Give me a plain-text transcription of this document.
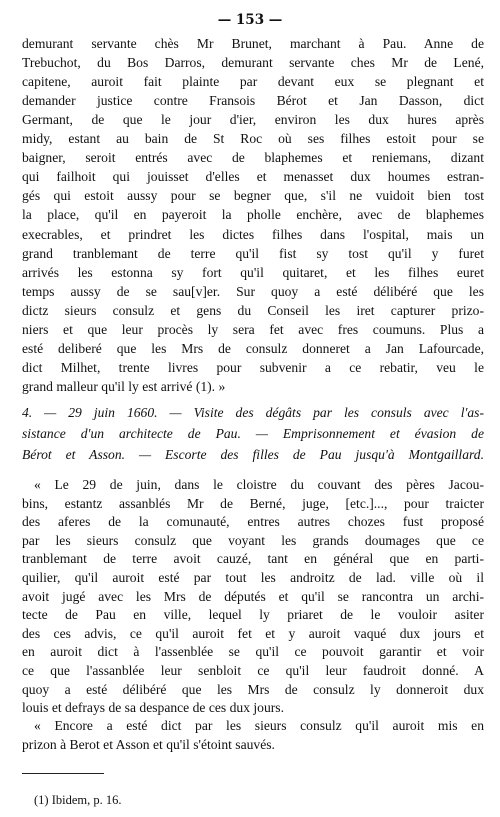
— 153 —
demurant servante chès Mr Brunet, marchant à Pau. Anne de
Trebuchot, du Bos Darros, demurant servante ches Mr de Lené,
capitene, auroit fait plainte par devant eux se plegnant et
demander justice contre Fransois Bérot et Jan Dasson, dict
Germant, de que le jour d'ier, environ les dux hures après
midy, estant au bain de St Roc où ses filhes estoit pour se
baigner, seroit entrés avec de blaphemes et reniemans, dizant
qui failhoit qui jouisset d'elles et menasset dux houmes estran-
gés qui estoit aussy pour se begner que, s'il ne vuidoit bien tost
la place, qu'il en payeroit la pholle enchère, avec de blaphemes
execrables, et prindret les dictes filhes dans l'ospital, mais un
grand tranblemant de terre qu'il fist sy tost qu'il y furet
arrivés les estonna sy fort qu'il quitaret, et les filhes euret
temps aussy de se sau[v]er. Sur quoy a esté délibéré que les
dictz sieurs consulz et gens du Conseil les iret capturer prizo-
niers et que leur procès ly sera fet avec fres coumuns. Plus a
esté deliberé que les Mrs de consulz donneret a Jan Lafourcade,
dict Milhet, trente livres pour subvenir a ce rebatir, veu le
grand malleur qu'il ly est arrivé (1). »
4. — 29 juin 1660. — Visite des dégâts par les consuls avec l'as-
sistance d'un architecte de Pau. — Emprisonnement et évasion de
Bérot et Asson. — Escorte des filles de Pau jusqu'à Montgaillard.
« Le 29 de juin, dans le cloistre du couvant des pères Jacou-
bins, estantz assanblés Mr de Berné, juge, [etc.]..., pour traicter
des aferes de la comunauté, entres autres chozes fust proposé
par les sieurs consulz que voyant les grands doumages que ce
tranblemant de terre avoit cauzé, tant en général que en parti-
quilier, qu'il auroit esté par tout les androitz de lad. ville où il
avoit jugé avec les Mrs de députés et qu'il se rancontra un archi-
tecte de Pau en ville, lequel ly priaret de le vouloir asiter
des ces advis, ce qu'il auroit fet et y auroit vaqué dux jours et
en auroit dict à l'assenblée se qu'il ce pouvoit garantir et voir
ce que l'assanblée leur senbloit ce qu'il leur faudroit donné. A
quoy a esté délibéré que les Mrs de consulz ly donneroit dux
louis et defrays de sa despance de ces dux jours.
« Encore a esté dict par les sieurs consulz qu'il auroit mis en
prizon à Berot et Asson et qu'il s'étoint sauvés.
(1) Ibidem, p. 16.
